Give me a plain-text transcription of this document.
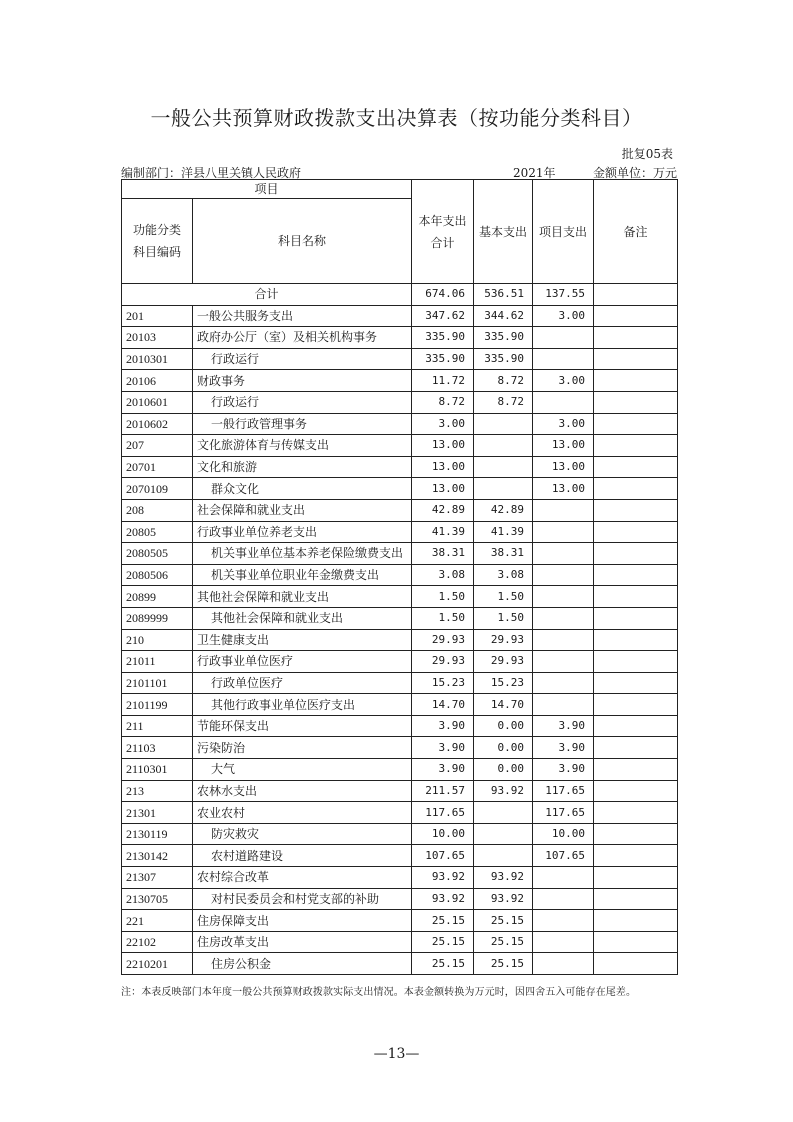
一般公共预算财政拨款支出决算表（按功能分类科目）
批复05表
编制部门：洋县八里关镇人民政府	2021年	金额单位：万元
项目		本年支出合计	基本支出	项目支出	备注

功能分类科目编码	科目名称				
合计		674.06	536.51	137.55	
201	一般公共服务支出	347.62	344.62	3.00	
20103	政府办公厅（室）及相关机构事务	335.90	335.90		
2010301	行政运行	335.90	335.90		
20106	财政事务	11.72	8.72	3.00	
2010601	行政运行	8.72	8.72		
2010602	一般行政管理事务	3.00		3.00	
207	文化旅游体育与传媒支出	13.00		13.00	
20701	文化和旅游	13.00		13.00	
2070109	群众文化	13.00		13.00	
208	社会保障和就业支出	42.89	42.89		
20805	行政事业单位养老支出	41.39	41.39		
2080505	机关事业单位基本养老保险缴费支出	38.31	38.31		
2080506	机关事业单位职业年金缴费支出	3.08	3.08		
20899	其他社会保障和就业支出	1.50	1.50		
2089999	其他社会保障和就业支出	1.50	1.50		
210	卫生健康支出	29.93	29.93		
21011	行政事业单位医疗	29.93	29.93		
2101101	行政单位医疗	15.23	15.23		
2101199	其他行政事业单位医疗支出	14.70	14.70		
211	节能环保支出	3.90	0.00	3.90	
21103	污染防治	3.90	0.00	3.90	
2110301	大气	3.90	0.00	3.90	
213	农林水支出	211.57	93.92	117.65	
21301	农业农村	117.65		117.65	
2130119	防灾救灾	10.00		10.00	
2130142	农村道路建设	107.65		107.65	
21307	农村综合改革	93.92	93.92		
2130705	对村民委员会和村党支部的补助	93.92	93.92		
221	住房保障支出	25.15	25.15		
22102	住房改革支出	25.15	25.15		
2210201	住房公积金	25.15	25.15		
注：本表反映部门本年度一般公共预算财政拨款实际支出情况。本表金额转换为万元时，因四舍五入可能存在尾差。
—13—
